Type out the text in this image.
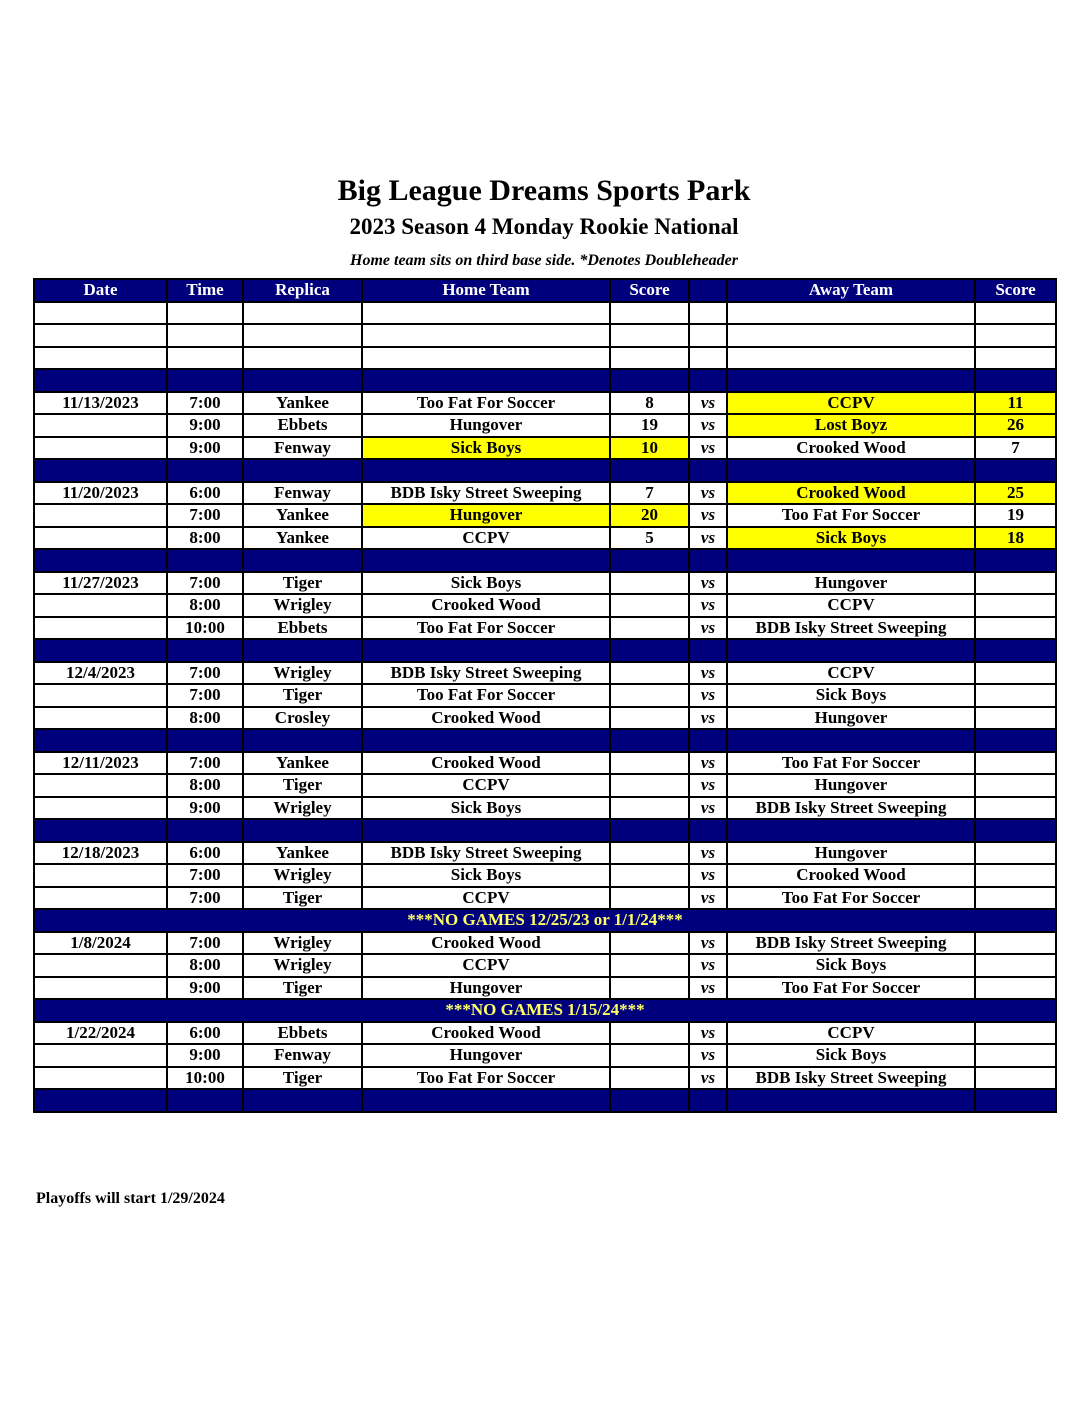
Big League Dreams Sports Park
2023 Season 4 Monday Rookie National
Home team sits on third base side. *Denotes Doubleheader
Date	Time	Replica	Home Team	Score		Away Team	Score

11/13/2023	7:00	Yankee	Too Fat For Soccer	8	vs	CCPV	11
	9:00	Ebbets	Hungover	19	vs	Lost Boyz	26
	9:00	Fenway	Sick Boys	10	vs	Crooked Wood	7

11/20/2023	6:00	Fenway	BDB Isky Street Sweeping	7	vs	Crooked Wood	25
	7:00	Yankee	Hungover	20	vs	Too Fat For Soccer	19
	8:00	Yankee	CCPV	5	vs	Sick Boys	18

11/27/2023	7:00	Tiger	Sick Boys		vs	Hungover	
	8:00	Wrigley	Crooked Wood		vs	CCPV	
	10:00	Ebbets	Too Fat For Soccer		vs	BDB Isky Street Sweeping	

12/4/2023	7:00	Wrigley	BDB Isky Street Sweeping		vs	CCPV	
	7:00	Tiger	Too Fat For Soccer		vs	Sick Boys	
	8:00	Crosley	Crooked Wood		vs	Hungover	

12/11/2023	7:00	Yankee	Crooked Wood		vs	Too Fat For Soccer	
	8:00	Tiger	CCPV		vs	Hungover	
	9:00	Wrigley	Sick Boys		vs	BDB Isky Street Sweeping	

12/18/2023	6:00	Yankee	BDB Isky Street Sweeping		vs	Hungover	
	7:00	Wrigley	Sick Boys		vs	Crooked Wood	
	7:00	Tiger	CCPV		vs	Too Fat For Soccer	
***NO GAMES 12/25/23 or 1/1/24***							
1/8/2024	7:00	Wrigley	Crooked Wood		vs	BDB Isky Street Sweeping	
	8:00	Wrigley	CCPV		vs	Sick Boys	
	9:00	Tiger	Hungover		vs	Too Fat For Soccer	
***NO GAMES 1/15/24***							
1/22/2024	6:00	Ebbets	Crooked Wood		vs	CCPV	
	9:00	Fenway	Hungover		vs	Sick Boys	
	10:00	Tiger	Too Fat For Soccer		vs	BDB Isky Street Sweeping	

Playoffs will start 1/29/2024
